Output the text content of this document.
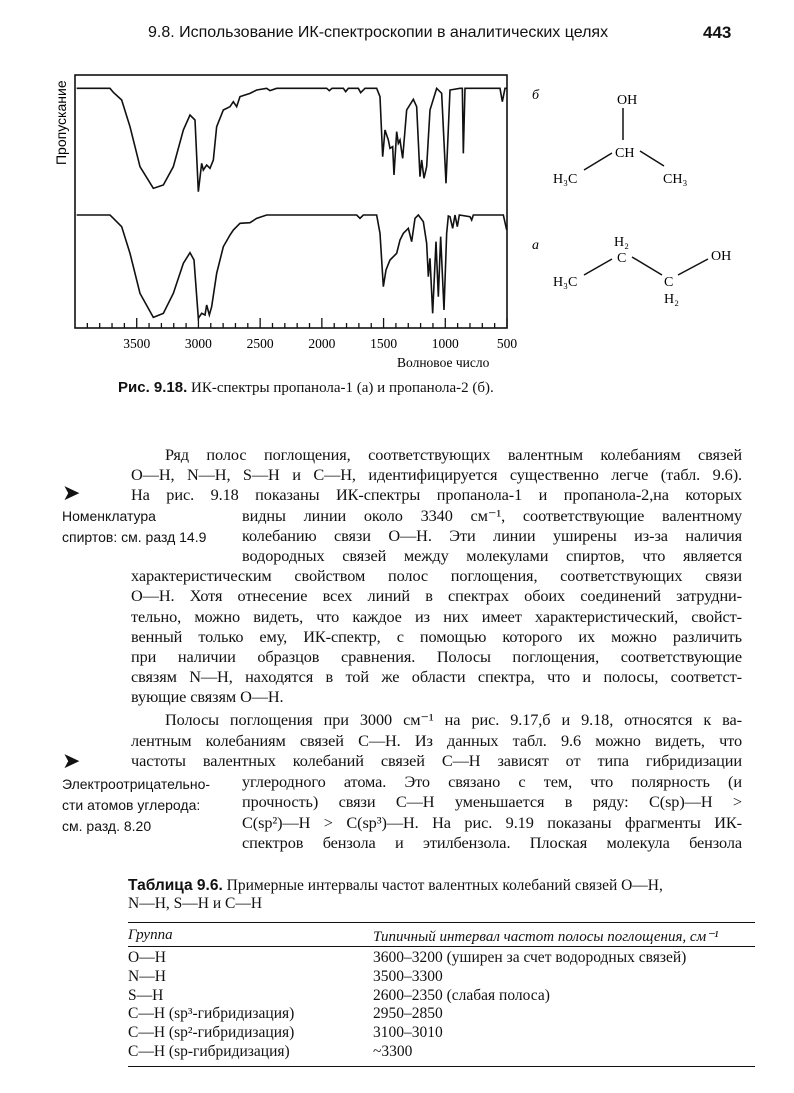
9.8. Использование ИК-спектроскопии в аналитических целях	443
Пропускание
3500	3000	2500	2000	1500	1000	500
Волновое число
б
а
OH
CH
H₃C	CH₃
H₂
C	OH
H₃C	C
H₂
Рис. 9.18. ИК-спектры пропанола-1 (а) и пропанола-2 (б).
Ряд полос поглощения, соответствующих валентным колебаниям связей
O—H, N—H, S—H и C—H, идентифицируется существенно легче (табл. 9.6).
На рис. 9.18 показаны ИК-спектры пропанола-1 и пропанола-2,на которых
видны линии около 3340 см⁻¹, соответствующие валентному
колебанию связи O—H. Эти линии уширены из-за наличия
водородных связей между молекулами спиртов, что является
характеристическим свойством полос поглощения, соответствующих связи
O—H. Хотя отнесение всех линий в спектрах обоих соединений затрудни-
тельно, можно видеть, что каждое из них имеет характеристический, свойст-
венный только ему, ИК-спектр, с помощью которого их можно различить
при наличии образцов сравнения. Полосы поглощения, соответствующие
связям N—H, находятся в той же области спектра, что и полосы, соответст-
вующие связям O—H.
Полосы поглощения при 3000 см⁻¹ на рис. 9.17,б и 9.18, относятся к ва-
лентным колебаниям связей C—H. Из данных табл. 9.6 можно видеть, что
частоты валентных колебаний связей C—H зависят от типа гибридизации
углеродного атома. Это связано с тем, что полярность (и
прочность) связи C—H уменьшается в ряду: C(sp)—H >
C(sp²)—H > C(sp³)—H. На рис. 9.19 показаны фрагменты ИК-
спектров бензола и этилбензола. Плоская молекула бензола
➤
Номенклатура
спиртов: см. разд 14.9
➤
Электроотрицательно-
сти атомов углерода:
см. разд. 8.20
Таблица 9.6. Примерные интервалы частот валентных колебаний связей O—H,
N—H, S—H и C—H
Группа	Типичный интервал частот полосы поглощения, см⁻¹
O—H	3600–3200 (уширен за счет водородных связей)
N—H	3500–3300
S—H	2600–2350 (слабая полоса)
C—H (sp³-гибридизация)	2950–2850
C—H (sp²-гибридизация)	3100–3010
C—H (sp-гибридизация)	~3300
